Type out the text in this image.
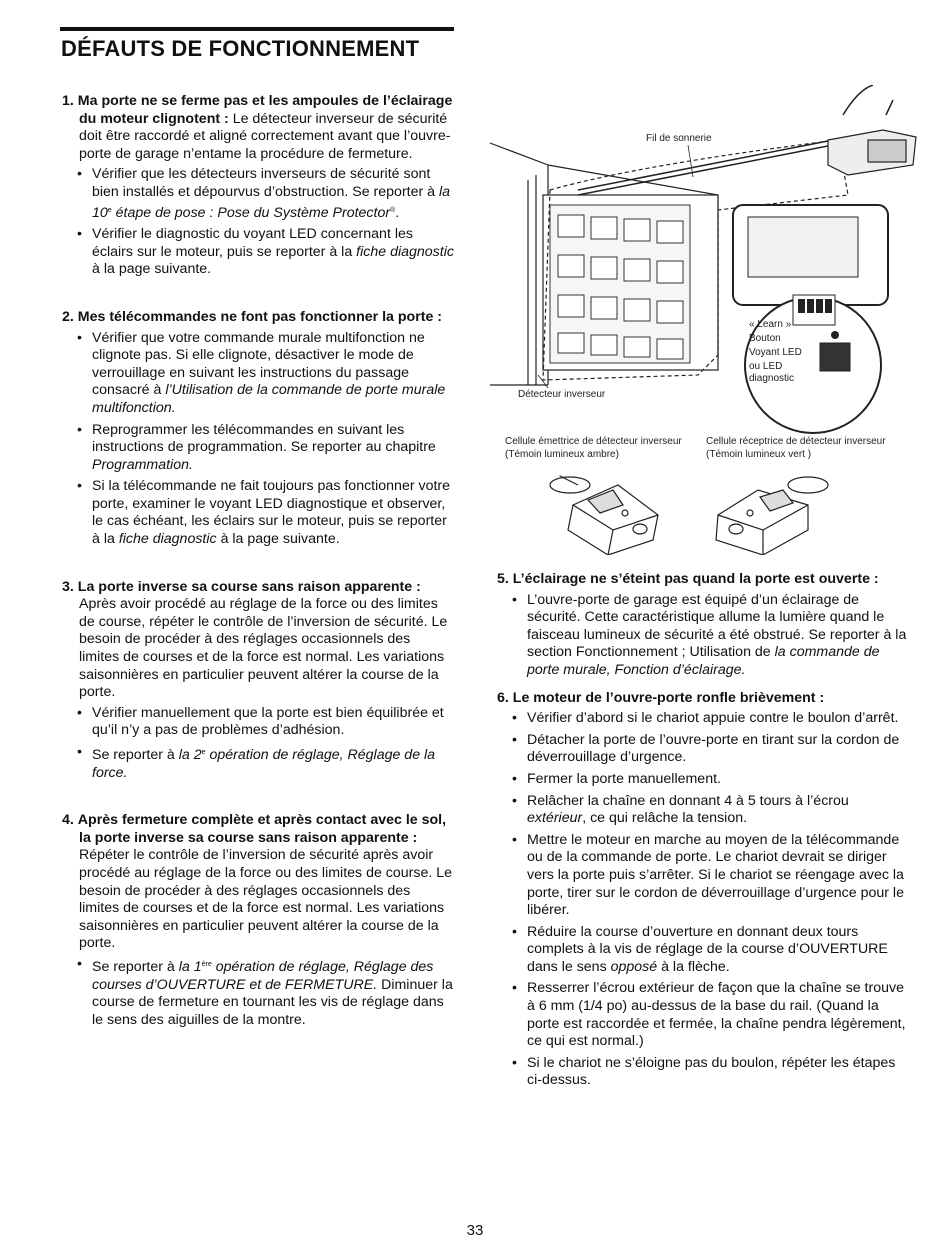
DÉFAUTS DE FONCTIONNEMENT

1. Ma porte ne se ferme pas et les ampoules de l’éclairage du moteur clignotent : Le détecteur inverseur de sécurité doit être raccordé et aligné correctement avant que l’ouvre-porte de garage n’entame la procédure de fermeture.

• Vérifier que les détecteurs inverseurs de sécurité sont bien installés et dépourvus d’obstruction. Se reporter à la 10e étape de pose : Pose du Système Protector®.
• Vérifier le diagnostic du voyant LED concernant les éclairs sur le moteur, puis se reporter à la fiche diagnostic à la page suivante.

2. Mes télécommandes ne font pas fonctionner la porte :

• Vérifier que votre commande murale multifonction ne clignote pas. Si elle clignote, désactiver le mode de verrouillage en suivant les instructions du passage consacré à l’Utilisation de la commande de porte murale multifonction.
• Reprogrammer les télécommandes en suivant les instructions de programmation. Se reporter au chapitre Programmation.
• Si la télécommande ne fait toujours pas fonctionner votre porte, examiner le voyant LED diagnostique et observer, le cas échéant, les éclairs sur le moteur, puis se reporter à la fiche diagnostic à la page suivante.

3. La porte inverse sa course sans raison apparente : Après avoir procédé au réglage de la force ou des limites de course, répéter le contrôle de l’inversion de sécurité. Le besoin de procéder à des réglages occasionnels des limites de courses et de la force est normal. Les variations saisonnières en particulier peuvent altérer la course de la porte.

• Vérifier manuellement que la porte est bien équilibrée et qu’il n’y a pas de problèmes d’adhésion.
• Se reporter à la 2e opération de réglage, Réglage de la force.

4. Après fermeture complète et après contact avec le sol, la porte inverse sa course sans raison apparente : Répéter le contrôle de l’inversion de sécurité après avoir procédé au réglage de la force ou des limites de course. Le besoin de procéder à des réglages occasionnels des limites de courses et de la force est normal. Les variations saisonnières en particulier peuvent altérer la course de la porte.

• Se reporter à la 1ère opération de réglage, Réglage des courses d’OUVERTURE et de FERMETURE. Diminuer la course de fermeture en tournant les vis de réglage dans le sens des aiguilles de la montre.
Fil de sonnerie
« Learn » Bouton Voyant LED ou LED diagnostic
Détecteur inverseur
Cellule émettrice de détecteur inverseur (Témoin lumineux ambre)
Cellule réceptrice de détecteur inverseur (Témoin lumineux vert )

5. L’éclairage ne s’éteint pas quand la porte est ouverte :

• L’ouvre-porte de garage est équipé d’un éclairage de sécurité. Cette caractéristique allume la lumière quand le faisceau lumineux de sécurité a été obstrué. Se reporter à la section Fonctionnement ; Utilisation de la commande de porte murale, Fonction d’éclairage.

6. Le moteur de l’ouvre-porte ronfle brièvement :

• Vérifier d’abord si le chariot appuie contre le boulon d’arrêt.
• Détacher la porte de l’ouvre-porte en tirant sur la cordon de déverrouillage d’urgence.
• Fermer la porte manuellement.
• Relâcher la chaîne en donnant 4 à 5 tours à l’écrou extérieur, ce qui relâche la tension.
• Mettre le moteur en marche au moyen de la télécommande ou de la commande de porte. Le chariot devrait se diriger vers la porte puis s’arrêter. Si le chariot se réengage avec la porte, tirer sur le cordon de déverrouillage d’urgence pour le libérer.
• Réduire la course d’ouverture en donnant deux tours complets à la vis de réglage de la course d’OUVERTURE dans le sens opposé à la flèche.
• Resserrer l’écrou extérieur de façon que la chaîne se trouve à 6 mm (1/4 po) au-dessus de la base du rail. (Quand la porte est raccordée et fermée, la chaîne pendra légèrement, ce qui est normal.)
• Si le chariot ne s’éloigne pas du boulon, répéter les étapes ci-dessus.
33
